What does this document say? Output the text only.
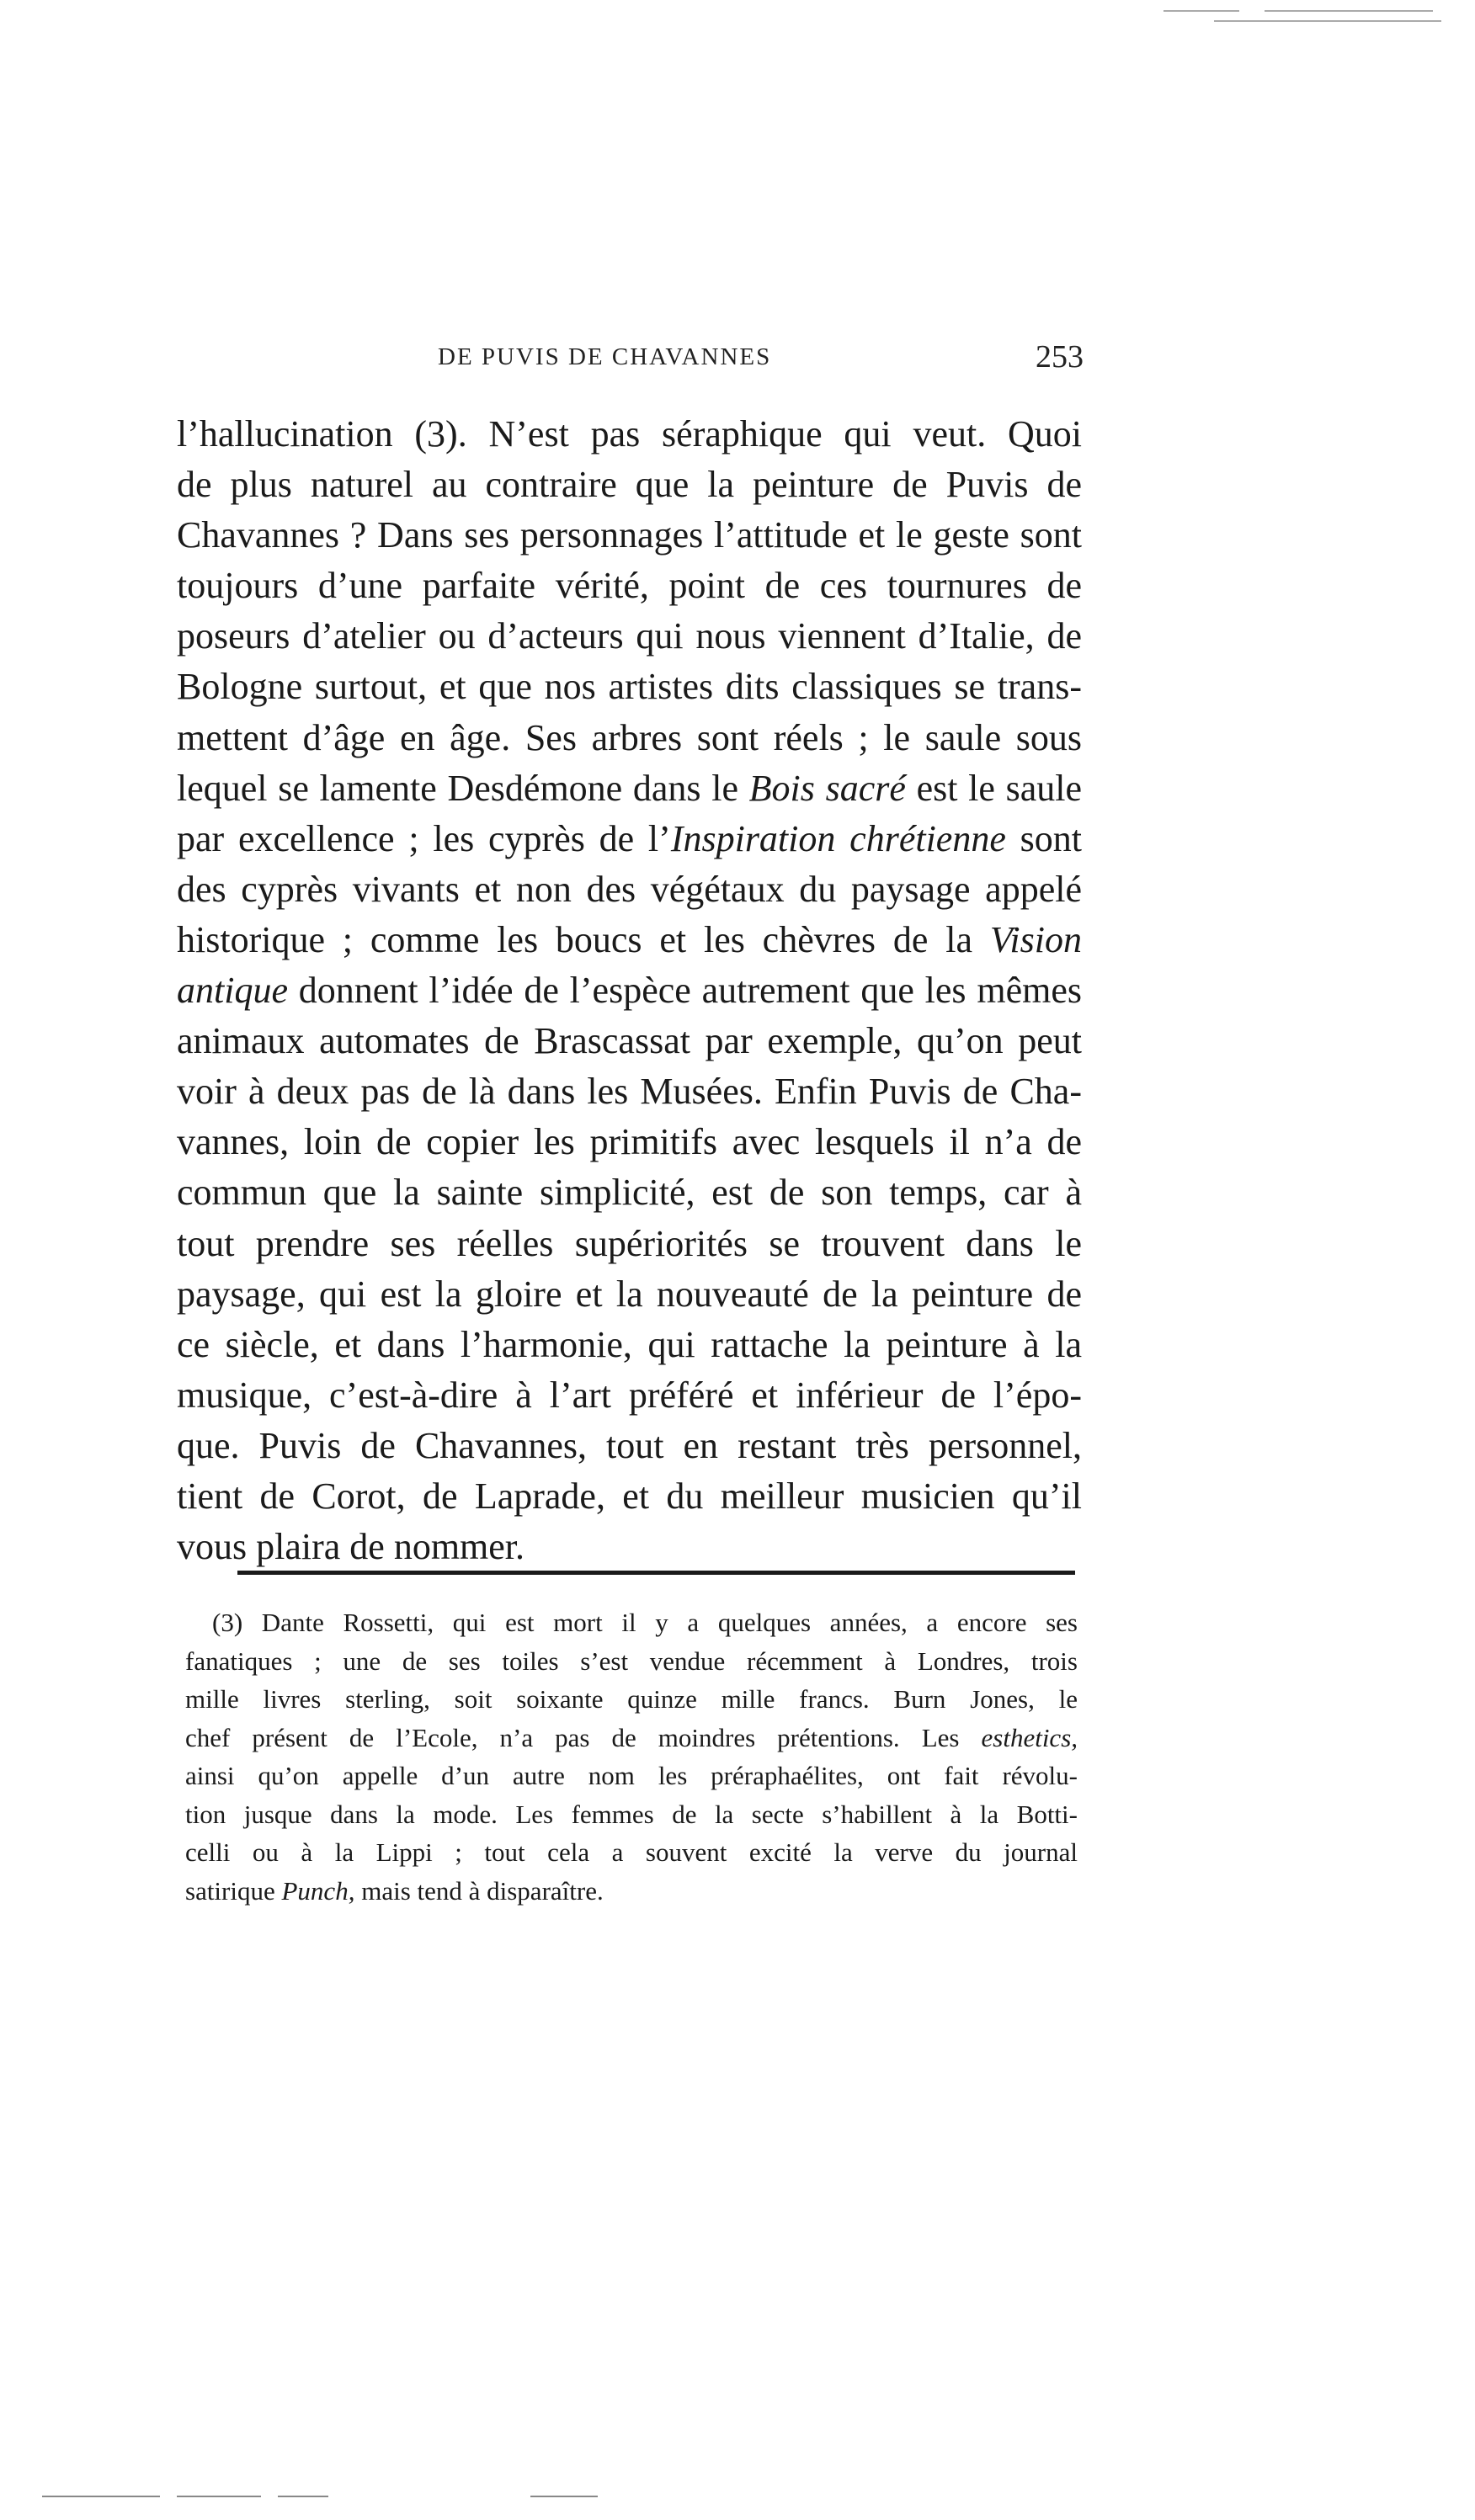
DE PUVIS DE CHAVANNES	253
l’hallucination (3). N’est pas séraphique qui veut. Quoi
de plus naturel au contraire que la peinture de Puvis de
Chavannes ? Dans ses personnages l’attitude et le geste sont
toujours d’une parfaite vérité, point de ces tournures de
poseurs d’atelier ou d’acteurs qui nous viennent d’Italie, de
Bologne surtout, et que nos artistes dits classiques se trans-
mettent d’âge en âge. Ses arbres sont réels ; le saule sous
lequel se lamente Desdémone dans le Bois sacré est le saule
par excellence ; les cyprès de l’Inspiration chrétienne sont
des cyprès vivants et non des végétaux du paysage appelé
historique ; comme les boucs et les chèvres de la Vision
antique donnent l’idée de l’espèce autrement que les mêmes
animaux automates de Brascassat par exemple, qu’on peut
voir à deux pas de là dans les Musées. Enfin Puvis de Cha-
vannes, loin de copier les primitifs avec lesquels il n’a de
commun que la sainte simplicité, est de son temps, car à
tout prendre ses réelles supériorités se trouvent dans le
paysage, qui est la gloire et la nouveauté de la peinture de
ce siècle, et dans l’harmonie, qui rattache la peinture à la
musique, c’est-à-dire à l’art préféré et inférieur de l’épo-
que. Puvis de Chavannes, tout en restant très personnel,
tient de Corot, de Laprade, et du meilleur musicien qu’il
vous plaira de nommer.
(3) Dante Rossetti, qui est mort il y a quelques années, a encore ses
fanatiques ; une de ses toiles s’est vendue récemment à Londres, trois
mille livres sterling, soit soixante quinze mille francs. Burn Jones, le
chef présent de l’Ecole, n’a pas de moindres prétentions. Les esthetics,
ainsi qu’on appelle d’un autre nom les préraphaélites, ont fait révolu-
tion jusque dans la mode. Les femmes de la secte s’habillent à la Botti-
celli ou à la Lippi ; tout cela a souvent excité la verve du journal
satirique Punch, mais tend à disparaître.
